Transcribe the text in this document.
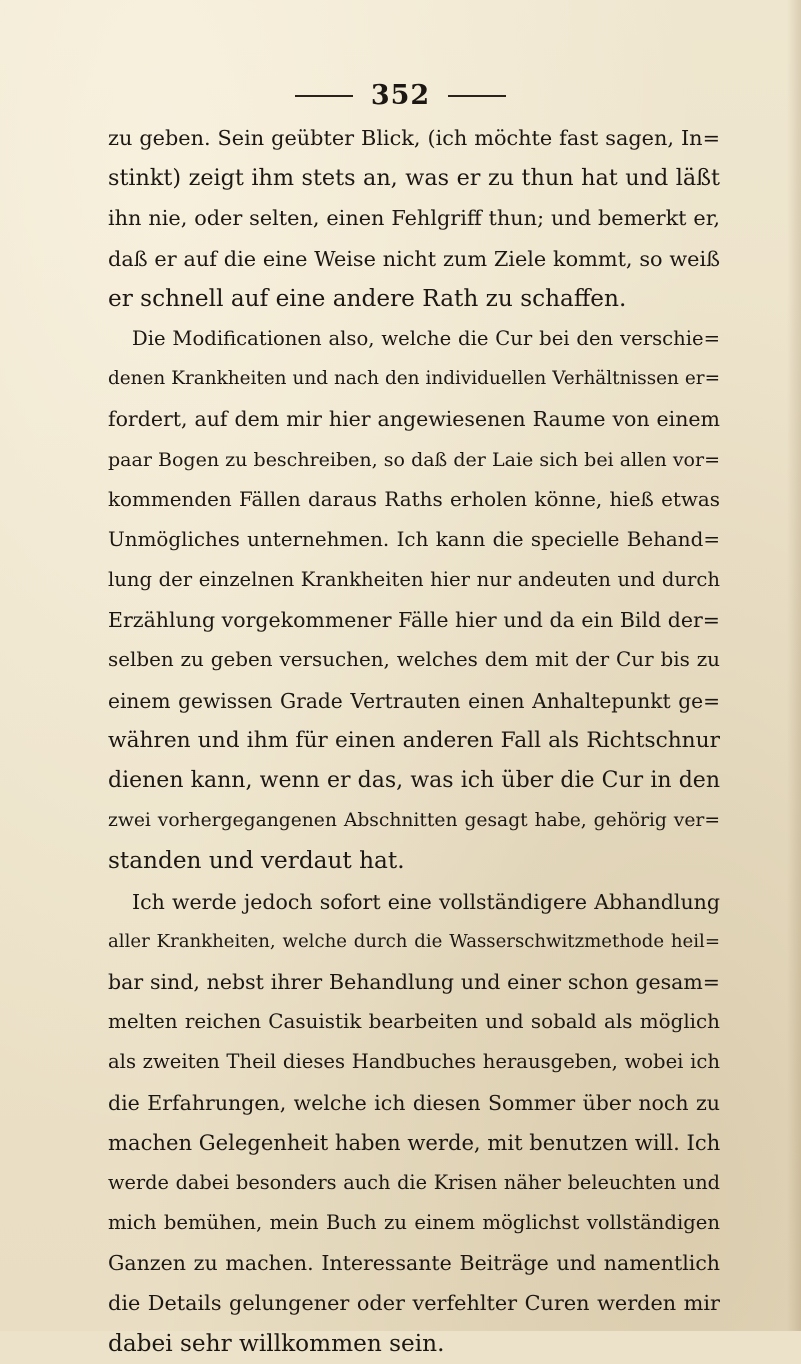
352
zu geben. Sein geübter Blick, (ich möchte fast sagen, In=
stinkt) zeigt ihm stets an, was er zu thun hat und läßt
ihn nie, oder selten, einen Fehlgriff thun; und bemerkt er,
daß er auf die eine Weise nicht zum Ziele kommt, so weiß
er schnell auf eine andere Rath zu schaffen.
Die Modificationen also, welche die Cur bei den verschie=
denen Krankheiten und nach den individuellen Verhältnissen er=
fordert, auf dem mir hier angewiesenen Raume von einem
paar Bogen zu beschreiben, so daß der Laie sich bei allen vor=
kommenden Fällen daraus Raths erholen könne, hieß etwas
Unmögliches unternehmen. Ich kann die specielle Behand=
lung der einzelnen Krankheiten hier nur andeuten und durch
Erzählung vorgekommener Fälle hier und da ein Bild der=
selben zu geben versuchen, welches dem mit der Cur bis zu
einem gewissen Grade Vertrauten einen Anhaltepunkt ge=
währen und ihm für einen anderen Fall als Richtschnur
dienen kann, wenn er das, was ich über die Cur in den
zwei vorhergegangenen Abschnitten gesagt habe, gehörig ver=
standen und verdaut hat.
Ich werde jedoch sofort eine vollständigere Abhandlung
aller Krankheiten, welche durch die Wasserschwitzmethode heil=
bar sind, nebst ihrer Behandlung und einer schon gesam=
melten reichen Casuistik bearbeiten und sobald als möglich
als zweiten Theil dieses Handbuches herausgeben, wobei ich
die Erfahrungen, welche ich diesen Sommer über noch zu
machen Gelegenheit haben werde, mit benutzen will. Ich
werde dabei besonders auch die Krisen näher beleuchten und
mich bemühen, mein Buch zu einem möglichst vollständigen
Ganzen zu machen. Interessante Beiträge und namentlich
die Details gelungener oder verfehlter Curen werden mir
dabei sehr willkommen sein.
